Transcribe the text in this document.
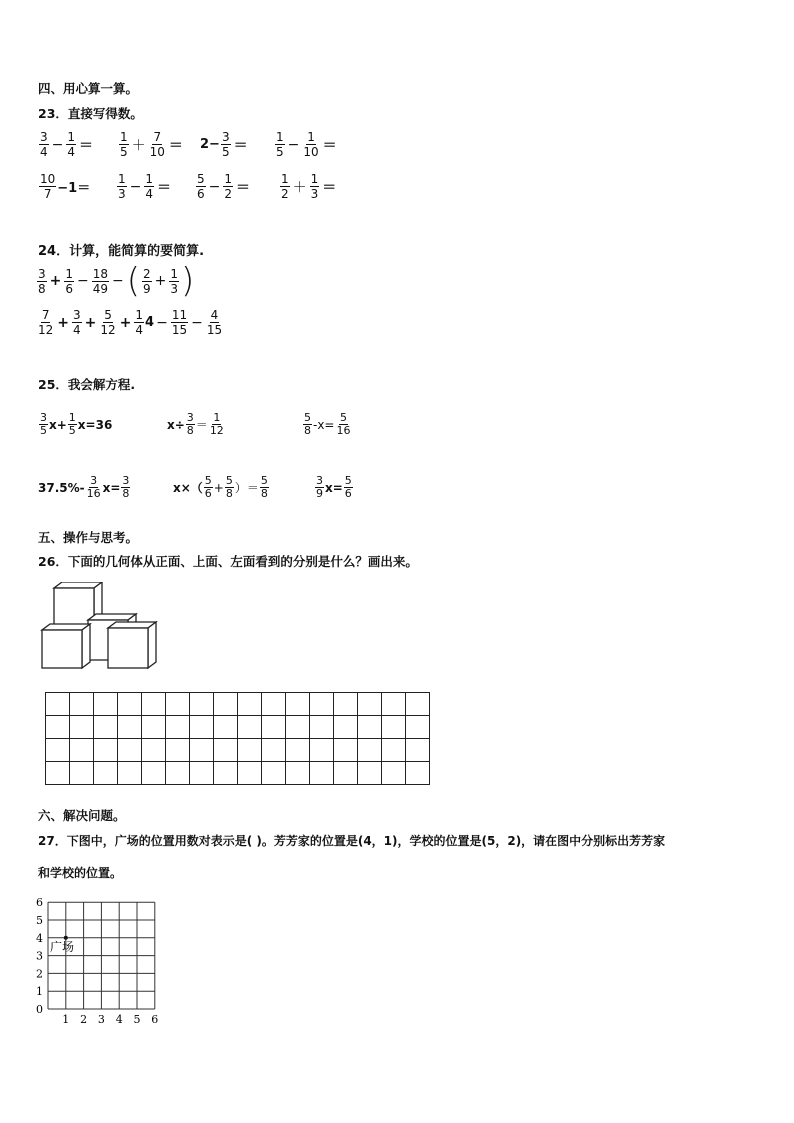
四、用心算一算。
23．直接写得数。
$\frac{3}{4} - \frac{1}{4} = \frac{1}{5} + \frac{7}{10} = 2- \frac{3}{5} = \frac{1}{5} - \frac{1}{10}$ ＝
$\frac{10}{7} -1= \frac{1}{3} - \frac{1}{4} = \frac{5}{6} - \frac{1}{2} = \frac{1}{2} + \frac{1}{3}$ ＝
24．计算，能简算的要简算.
$\frac{3}{8} + \frac{1}{6} - \frac{18}{49}$ − ( $\frac{2}{9} + \frac{1}{3}$ )
$\frac{7}{12} + \frac{3}{4} + \frac{5}{12} + \frac{1}{4} 4 - \frac{11}{15} - \frac{4}{15}$
25．我会解方程.
$\frac{3}{5} x+ \frac{1}{5} x=36$	$x\div \frac{3}{8} = \frac{1}{12}$	$\frac{5}{8} -x= \frac{5}{16}$
$37.5\%- \frac{3}{16} x= \frac{3}{8}$	$x\times( \frac{5}{6} + \frac{5}{8}$ ）＝ $\frac{5}{8}$	$\frac{3}{9} x= \frac{5}{6}$
五、操作与思考。
26．下面的几何体从正面、上面、左面看到的分别是什么？画出来。

六、解决问题。
27．下图中，广场的位置用数对表示是( )。芳芳家的位置是(4，1)，学校的位置是(5，2)，请在图中分别标出芳芳家
和学校的位置。
1 2 3 4 5 6
0
1
2
3
4
5
6
广场
